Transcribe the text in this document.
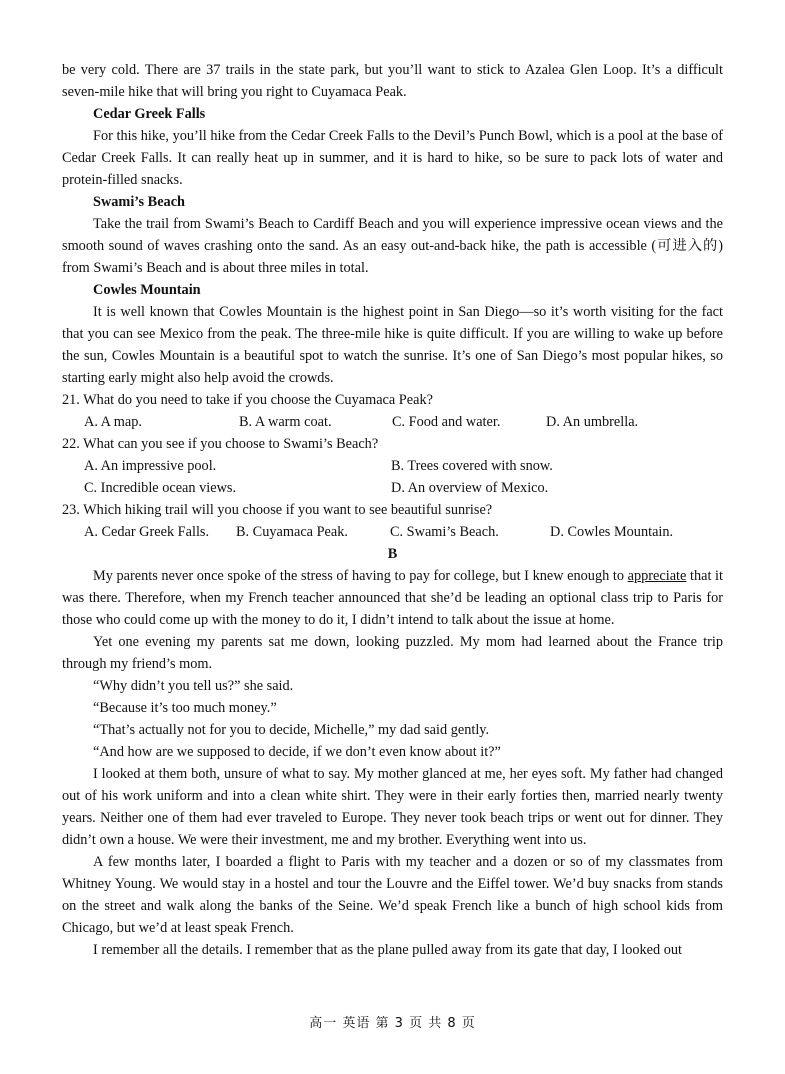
be very cold. There are 37 trails in the state park, but you’ll want to stick to Azalea Glen Loop. It’s a difficult seven-mile hike that will bring you right to Cuyamaca Peak.

Cedar Greek Falls

For this hike, you’ll hike from the Cedar Creek Falls to the Devil’s Punch Bowl, which is a pool at the base of Cedar Creek Falls. It can really heat up in summer, and it is hard to hike, so be sure to pack lots of water and protein-filled snacks.

Swami’s Beach

Take the trail from Swami’s Beach to Cardiff Beach and you will experience impressive ocean views and the smooth sound of waves crashing onto the sand. As an easy out-and-back hike, the path is accessible (可进入的) from Swami’s Beach and is about three miles in total.

Cowles Mountain

It is well known that Cowles Mountain is the highest point in San Diego—so it’s worth visiting for the fact that you can see Mexico from the peak. The three-mile hike is quite difficult. If you are willing to wake up before the sun, Cowles Mountain is a beautiful spot to watch the sunrise. It’s one of San Diego’s most popular hikes, so starting early might also help avoid the crowds.

21. What do you need to take if you choose the Cuyamaca Peak?
A. A map.	B. A warm coat.	C. Food and water.	D. An umbrella.
22. What can you see if you choose to Swami’s Beach?
A. An impressive pool.	B. Trees covered with snow.
C. Incredible ocean views.	D. An overview of Mexico.
23. Which hiking trail will you choose if you want to see beautiful sunrise?
A. Cedar Greek Falls.	B. Cuyamaca Peak.	C. Swami’s Beach.	D. Cowles Mountain.
B

My parents never once spoke of the stress of having to pay for college, but I knew enough to appreciate that it was there. Therefore, when my French teacher announced that she’d be leading an optional class trip to Paris for those who could come up with the money to do it, I didn’t intend to talk about the issue at home.

Yet one evening my parents sat me down, looking puzzled. My mom had learned about the France trip through my friend’s mom.

“Why didn’t you tell us?” she said.

“Because it’s too much money.”

“That’s actually not for you to decide, Michelle,” my dad said gently.

“And how are we supposed to decide, if we don’t even know about it?”

I looked at them both, unsure of what to say. My mother glanced at me, her eyes soft. My father had changed out of his work uniform and into a clean white shirt. They were in their early forties then, married nearly twenty years. Neither one of them had ever traveled to Europe. They never took beach trips or went out for dinner. They didn’t own a house. We were their investment, me and my brother. Everything went into us.

A few months later, I boarded a flight to Paris with my teacher and a dozen or so of my classmates from Whitney Young. We would stay in a hostel and tour the Louvre and the Eiffel tower. We’d buy snacks from stands on the street and walk along the banks of the Seine. We’d speak French like a bunch of high school kids from Chicago, but we’d at least speak French.

I remember all the details. I remember that as the plane pulled away from its gate that day, I looked out

高一 英语 第 3 页 共 8 页
